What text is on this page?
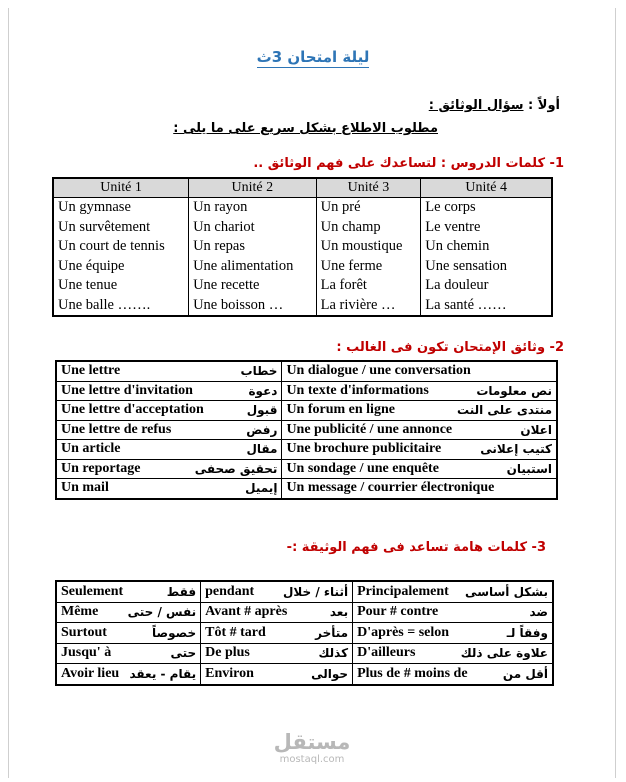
ليلة امتحان 3ث
أولاً : سؤال الوثائق :
مطلوب الاطلاع بشكل سريع على ما يلى :
1- كلمات الدروس : لتساعدك على فهم الوثائق ..
Unité 1	Unité 2	Unité 3	Unité 4
Un gymnase	Un rayon	Un pré	Le corps
Un survêtement	Un chariot	Un champ	Le ventre
Un court de tennis	Un repas	Un moustique	Un chemin
Une équipe	Une alimentation	Une ferme	Une sensation
Une tenue	Une recette	La forêt	La douleur
Une balle …….	Une boisson …	La rivière …	La santé ……
2- وثائق الإمتحان تكون فى الغالب :
Une lettre خطاب	Un dialogue / une conversation

Une lettre d'invitation دعوة	Un texte d'informations نص معلومات

Une lettre d'acceptation قبول	Un forum en ligne منتدى على النت

Une lettre de refus رفض	Une publicité / une annonce اعلان

Un article مقال	Une brochure publicitaire كتيب إعلانى

Un reportage تحقيق صحفى	Un sondage / une enquête استبيان

Un mail إيميل	Un message / courrier électronique
3- كلمات هامة تساعد فى فهم الوثيقة :-
Seulement فقط	pendant أثناء / خلال	Principalement بشكل أساسى

Même نفس / حتى	Avant # après بعد	Pour # contre ضد

Surtout خصوصاً	Tôt # tard متأخر	D'après = selon وفقاً لـ

Jusqu' à حتى	De plus كذلك	D'ailleurs علاوة على ذلك

Avoir lieu يقام - يعقد	Environ حوالى	Plus de # moins de أقل من
مستقل
mostaql.com
